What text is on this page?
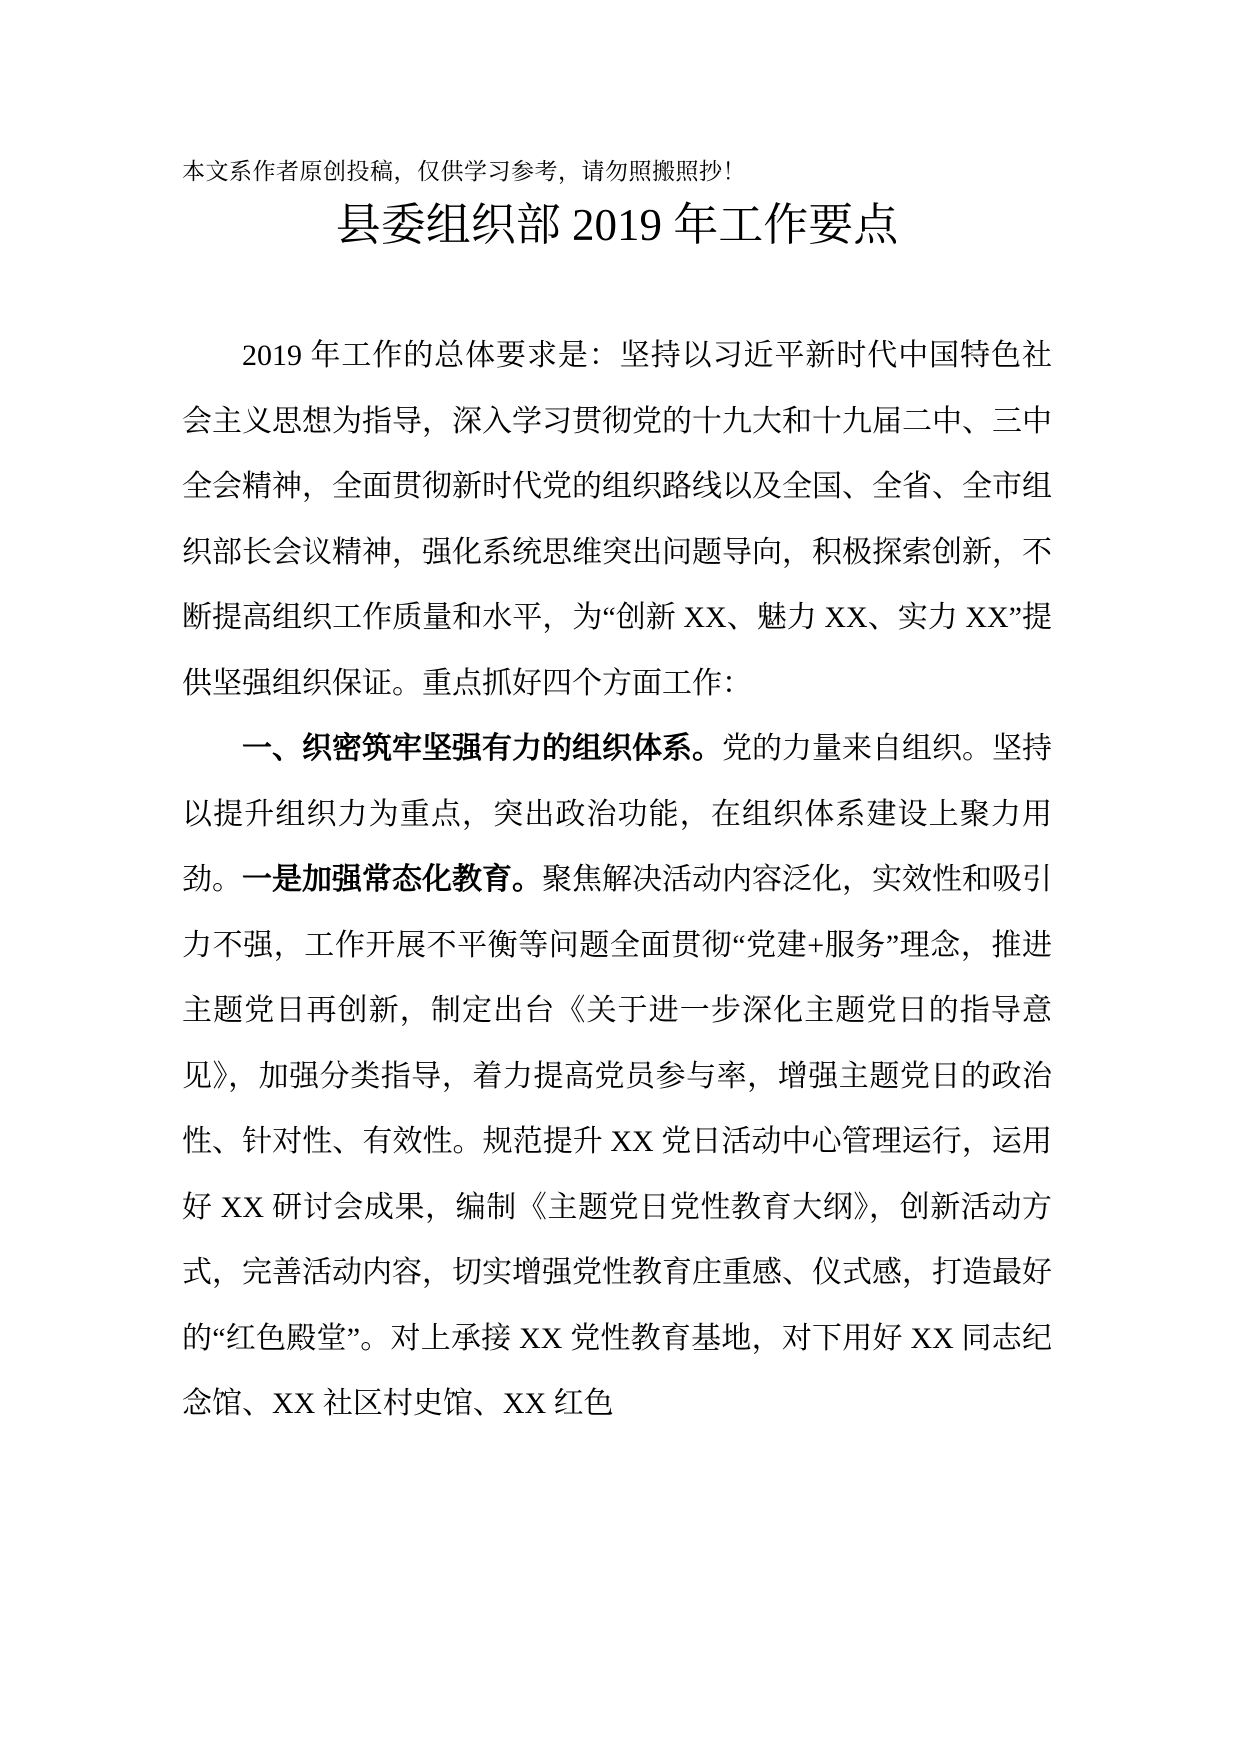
本文系作者原创投稿，仅供学习参考，请勿照搬照抄！

县委组织部 2019 年工作要点

2019 年工作的总体要求是：坚持以习近平新时代中国特色社会主义思想为指导，深入学习贯彻党的十九大和十九届二中、三中全会精神，全面贯彻新时代党的组织路线以及全国、全省、全市组织部长会议精神，强化系统思维突出问题导向，积极探索创新，不断提高组织工作质量和水平，为“创新 XX、魅力 XX、实力 XX”提供坚强组织保证。重点抓好四个方面工作：

一、织密筑牢坚强有力的组织体系。党的力量来自组织。坚持以提升组织力为重点，突出政治功能，在组织体系建设上聚力用劲。一是加强常态化教育。聚焦解决活动内容泛化，实效性和吸引力不强，工作开展不平衡等问题全面贯彻“党建+服务”理念，推进主题党日再创新，制定出台《关于进一步深化主题党日的指导意见》，加强分类指导，着力提高党员参与率，增强主题党日的政治性、针对性、有效性。规范提升 XX 党日活动中心管理运行，运用好 XX 研讨会成果，编制《主题党日党性教育大纲》，创新活动方式，完善活动内容，切实增强党性教育庄重感、仪式感，打造最好的“红色殿堂”。对上承接 XX 党性教育基地，对下用好 XX 同志纪念馆、XX 社区村史馆、XX 红色
